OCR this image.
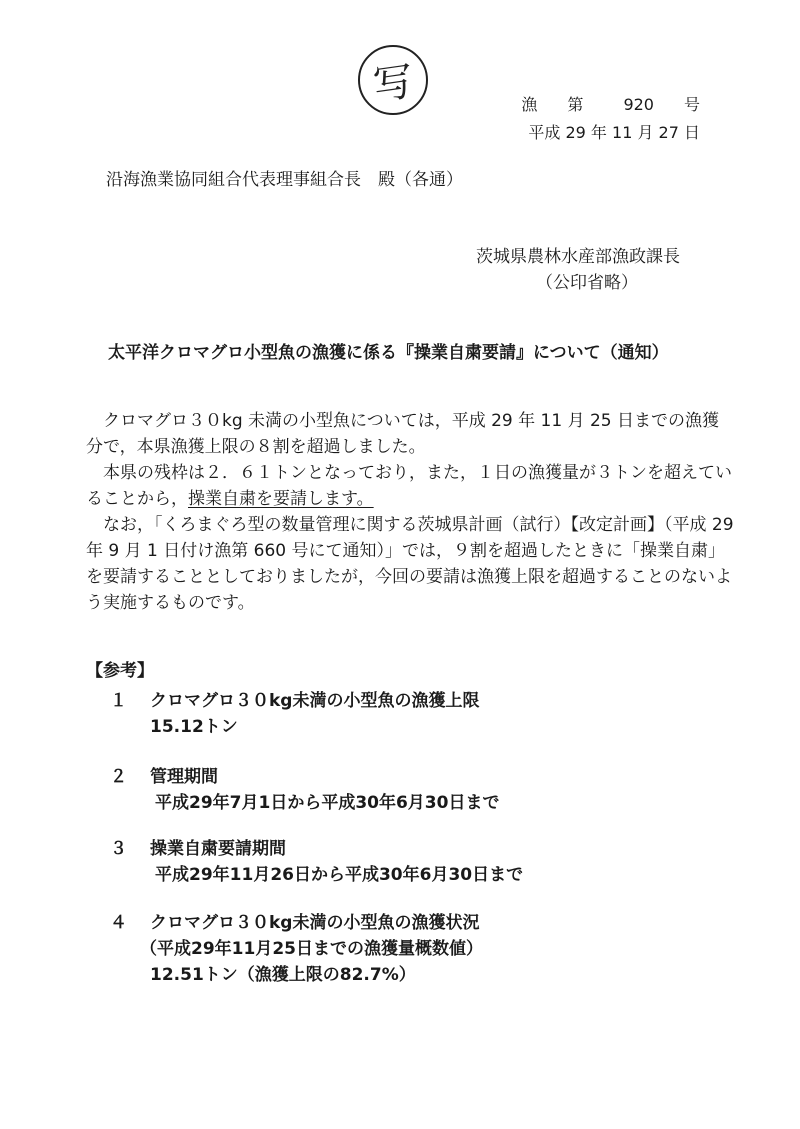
写	漁 第	920 号
平成 29 年 11 月 27 日
沿海漁業協同組合代表理事組合長　殿（各通）
茨城県農林水産部漁政課長
（公印省略）
太平洋クロマグロ小型魚の漁獲に係る『操業自粛要請』について（通知）

クロマグロ３０kg 未満の小型魚については，平成 29 年 11 月 25 日までの漁獲分で，本県漁獲上限の８割を超過しました。

本県の残枠は２．６１トンとなっており，また，１日の漁獲量が３トンを超えていることから，操業自粛を要請します。

なお，「くろまぐろ型の数量管理に関する茨城県計画（試行）【改定計画】（平成 29 年 9 月 1 日付け漁第 660 号にて通知）」では，９割を超過したときに「操業自粛」を要請することとしておりましたが，今回の要請は漁獲上限を超過することのないよう実施するものです。

【参考】
１ クロマグロ３０kg未満の小型魚の漁獲上限
15.12トン
２ 管理期間
平成29年7月1日から平成30年6月30日まで
３ 操業自粛要請期間
平成29年11月26日から平成30年6月30日まで
４ クロマグロ３０kg未満の小型魚の漁獲状況
（平成29年11月25日までの漁獲量概数値）
12.51トン（漁獲上限の82.7%）
